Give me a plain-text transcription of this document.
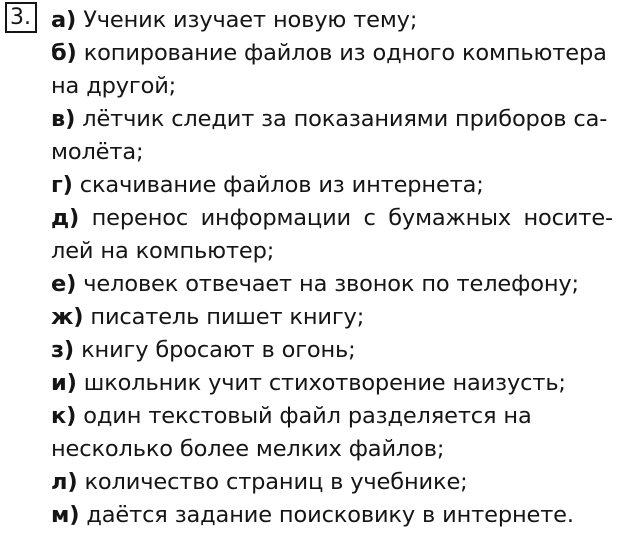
3. а) Ученик изучает новую тему;
б) копирование файлов из одного компьютера
на другой;
в) лётчик следит за показаниями приборов са-
молёта;
г) скачивание файлов из интернета;
д) перенос информации с бумажных носите-
лей на компьютер;
е) человек отвечает на звонок по телефону;
ж) писатель пишет книгу;
з) книгу бросают в огонь;
и) школьник учит стихотворение наизусть;
к) один текстовый файл разделяется на
несколько более мелких файлов;
л) количество страниц в учебнике;
м) даётся задание поисковику в интернете.
